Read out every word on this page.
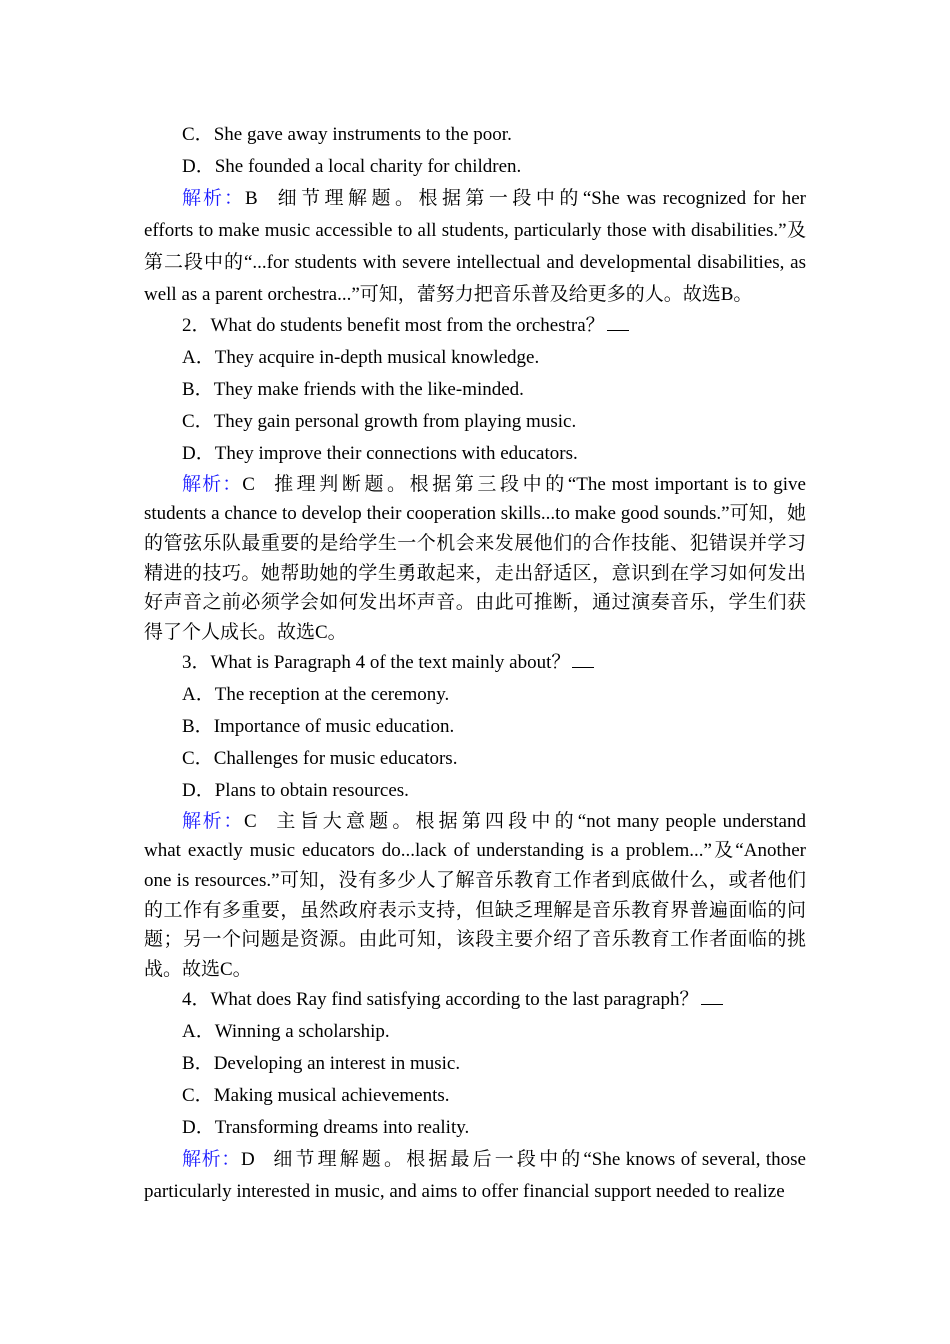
C．She gave away instruments to the poor.
D．She founded a local charity for children.
解析：B 细节理解题。根据第一段中的“She was recognized for her efforts to make music accessible to all students, particularly those with disabilities.”及第二段中的“...for students with severe intellectual and developmental disabilities, as well as a parent orchestra...”可知，蕾努力把音乐普及给更多的人。故选B。
2．What do students benefit most from the orchestra？
A．They acquire in-depth musical knowledge.
B．They make friends with the like-minded.
C．They gain personal growth from playing music.
D．They improve their connections with educators.
解析：C 推理判断题。根据第三段中的“The most important is to give students a chance to develop their cooperation skills...to make good sounds.”可知，她的管弦乐队最重要的是给学生一个机会来发展他们的合作技能、犯错误并学习精进的技巧。她帮助她的学生勇敢起来，走出舒适区，意识到在学习如何发出好声音之前必须学会如何发出坏声音。由此可推断，通过演奏音乐，学生们获得了个人成长。故选C。
3．What is Paragraph 4 of the text mainly about？
A．The reception at the ceremony.
B．Importance of music education.
C．Challenges for music educators.
D．Plans to obtain resources.
解析：C 主旨大意题。根据第四段中的“not many people understand what exactly music educators do...lack of understanding is a problem...”及“Another one is resources.”可知，没有多少人了解音乐教育工作者到底做什么，或者他们的工作有多重要，虽然政府表示支持，但缺乏理解是音乐教育界普遍面临的问题；另一个问题是资源。由此可知，该段主要介绍了音乐教育工作者面临的挑战。故选C。
4．What does Ray find satisfying according to the last paragraph？
A．Winning a scholarship.
B．Developing an interest in music.
C．Making musical achievements.
D．Transforming dreams into reality.
解析：D 细节理解题。根据最后一段中的“She knows of several, those particularly interested in music, and aims to offer financial support needed to realize
